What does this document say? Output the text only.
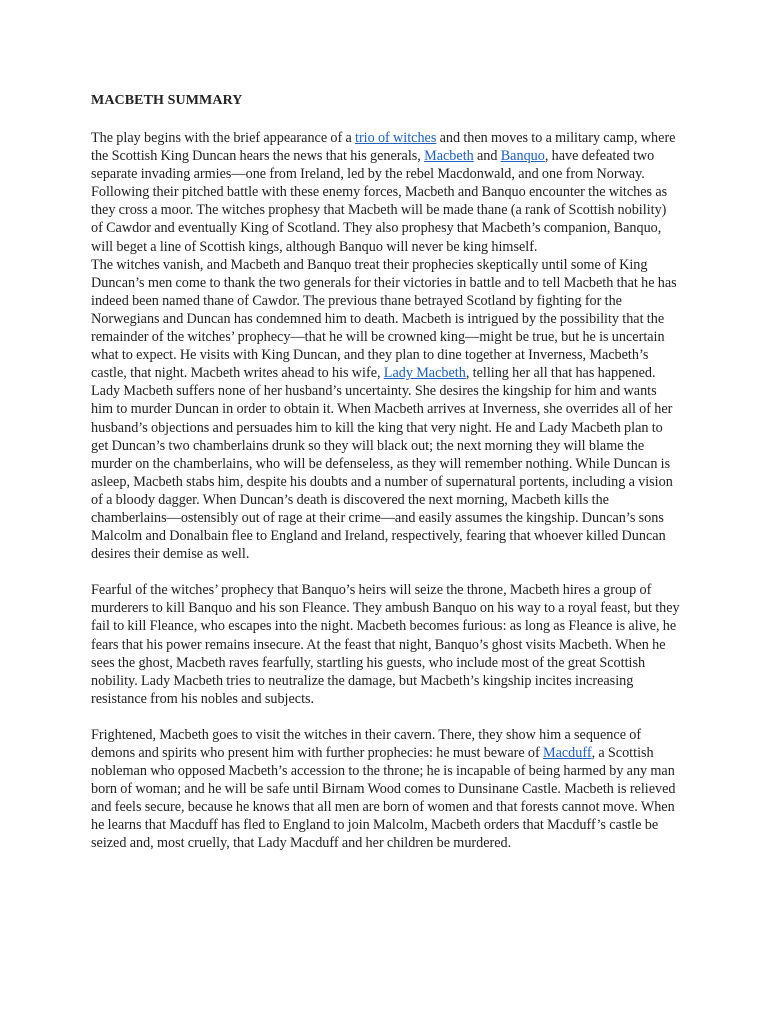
MACBETH SUMMARY

The play begins with the brief appearance of a trio of witches and then moves to a military camp, where the Scottish King Duncan hears the news that his generals, Macbeth and Banquo, have defeated two separate invading armies—one from Ireland, led by the rebel Macdonwald, and one from Norway. Following their pitched battle with these enemy forces, Macbeth and Banquo encounter the witches as they cross a moor. The witches prophesy that Macbeth will be made thane (a rank of Scottish nobility) of Cawdor and eventually King of Scotland. They also prophesy that Macbeth’s companion, Banquo, will beget a line of Scottish kings, although Banquo will never be king himself.

The witches vanish, and Macbeth and Banquo treat their prophecies skeptically until some of King Duncan’s men come to thank the two generals for their victories in battle and to tell Macbeth that he has indeed been named thane of Cawdor. The previous thane betrayed Scotland by fighting for the Norwegians and Duncan has condemned him to death. Macbeth is intrigued by the possibility that the remainder of the witches’ prophecy—that he will be crowned king—might be true, but he is uncertain what to expect. He visits with King Duncan, and they plan to dine together at Inverness, Macbeth’s castle, that night. Macbeth writes ahead to his wife, Lady Macbeth, telling her all that has happened.

Lady Macbeth suffers none of her husband’s uncertainty. She desires the kingship for him and wants him to murder Duncan in order to obtain it. When Macbeth arrives at Inverness, she overrides all of her husband’s objections and persuades him to kill the king that very night. He and Lady Macbeth plan to get Duncan’s two chamberlains drunk so they will black out; the next morning they will blame the murder on the chamberlains, who will be defenseless, as they will remember nothing. While Duncan is asleep, Macbeth stabs him, despite his doubts and a number of supernatural portents, including a vision of a bloody dagger. When Duncan’s death is discovered the next morning, Macbeth kills the chamberlains—ostensibly out of rage at their crime—and easily assumes the kingship. Duncan’s sons Malcolm and Donalbain flee to England and Ireland, respectively, fearing that whoever killed Duncan desires their demise as well.

Fearful of the witches’ prophecy that Banquo’s heirs will seize the throne, Macbeth hires a group of murderers to kill Banquo and his son Fleance. They ambush Banquo on his way to a royal feast, but they fail to kill Fleance, who escapes into the night. Macbeth becomes furious: as long as Fleance is alive, he fears that his power remains insecure. At the feast that night, Banquo’s ghost visits Macbeth. When he sees the ghost, Macbeth raves fearfully, startling his guests, who include most of the great Scottish nobility. Lady Macbeth tries to neutralize the damage, but Macbeth’s kingship incites increasing resistance from his nobles and subjects.

Frightened, Macbeth goes to visit the witches in their cavern. There, they show him a sequence of demons and spirits who present him with further prophecies: he must beware of Macduff, a Scottish nobleman who opposed Macbeth’s accession to the throne; he is incapable of being harmed by any man born of woman; and he will be safe until Birnam Wood comes to Dunsinane Castle. Macbeth is relieved and feels secure, because he knows that all men are born of women and that forests cannot move. When he learns that Macduff has fled to England to join Malcolm, Macbeth orders that Macduff’s castle be seized and, most cruelly, that Lady Macduff and her children be murdered.
